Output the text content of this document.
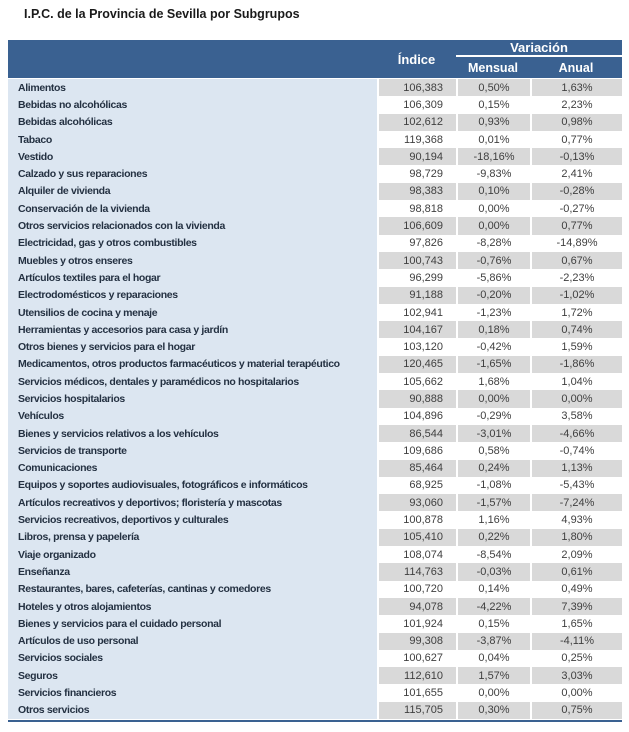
I.P.C. de la Provincia de Sevilla por Subgrupos
Índice
Variación
Mensual	Anual
Alimentos	106,383	0,50%	1,63%
Bebidas no alcohólicas	106,309	0,15%	2,23%
Bebidas alcohólicas	102,612	0,93%	0,98%
Tabaco	119,368	0,01%	0,77%
Vestido	90,194	-18,16%	-0,13%
Calzado y sus reparaciones	98,729	-9,83%	2,41%
Alquiler de vivienda	98,383	0,10%	-0,28%
Conservación de la vivienda	98,818	0,00%	-0,27%
Otros servicios relacionados con la vivienda	106,609	0,00%	0,77%
Electricidad, gas y otros combustibles	97,826	-8,28%	-14,89%
Muebles y otros enseres	100,743	-0,76%	0,67%
Artículos textiles para el hogar	96,299	-5,86%	-2,23%
Electrodomésticos y reparaciones	91,188	-0,20%	-1,02%
Utensilios de cocina y menaje	102,941	-1,23%	1,72%
Herramientas y accesorios para casa y jardín	104,167	0,18%	0,74%
Otros bienes y servicios para el hogar	103,120	-0,42%	1,59%
Medicamentos, otros productos farmacéuticos y material terapéutico	120,465	-1,65%	-1,86%
Servicios médicos, dentales y paramédicos no hospitalarios	105,662	1,68%	1,04%
Servicios hospitalarios	90,888	0,00%	0,00%
Vehículos	104,896	-0,29%	3,58%
Bienes y servicios relativos a los vehículos	86,544	-3,01%	-4,66%
Servicios de transporte	109,686	0,58%	-0,74%
Comunicaciones	85,464	0,24%	1,13%
Equipos y soportes audiovisuales, fotográficos e informáticos	68,925	-1,08%	-5,43%
Artículos recreativos y deportivos; floristería y mascotas	93,060	-1,57%	-7,24%
Servicios recreativos, deportivos y culturales	100,878	1,16%	4,93%
Libros, prensa y papelería	105,410	0,22%	1,80%
Viaje organizado	108,074	-8,54%	2,09%
Enseñanza	114,763	-0,03%	0,61%
Restaurantes, bares, cafeterías, cantinas y comedores	100,720	0,14%	0,49%
Hoteles y otros alojamientos	94,078	-4,22%	7,39%
Bienes y servicios para el cuidado personal	101,924	0,15%	1,65%
Artículos de uso personal	99,308	-3,87%	-4,11%
Servicios sociales	100,627	0,04%	0,25%
Seguros	112,610	1,57%	3,03%
Servicios financieros	101,655	0,00%	0,00%
Otros servicios	115,705	0,30%	0,75%
